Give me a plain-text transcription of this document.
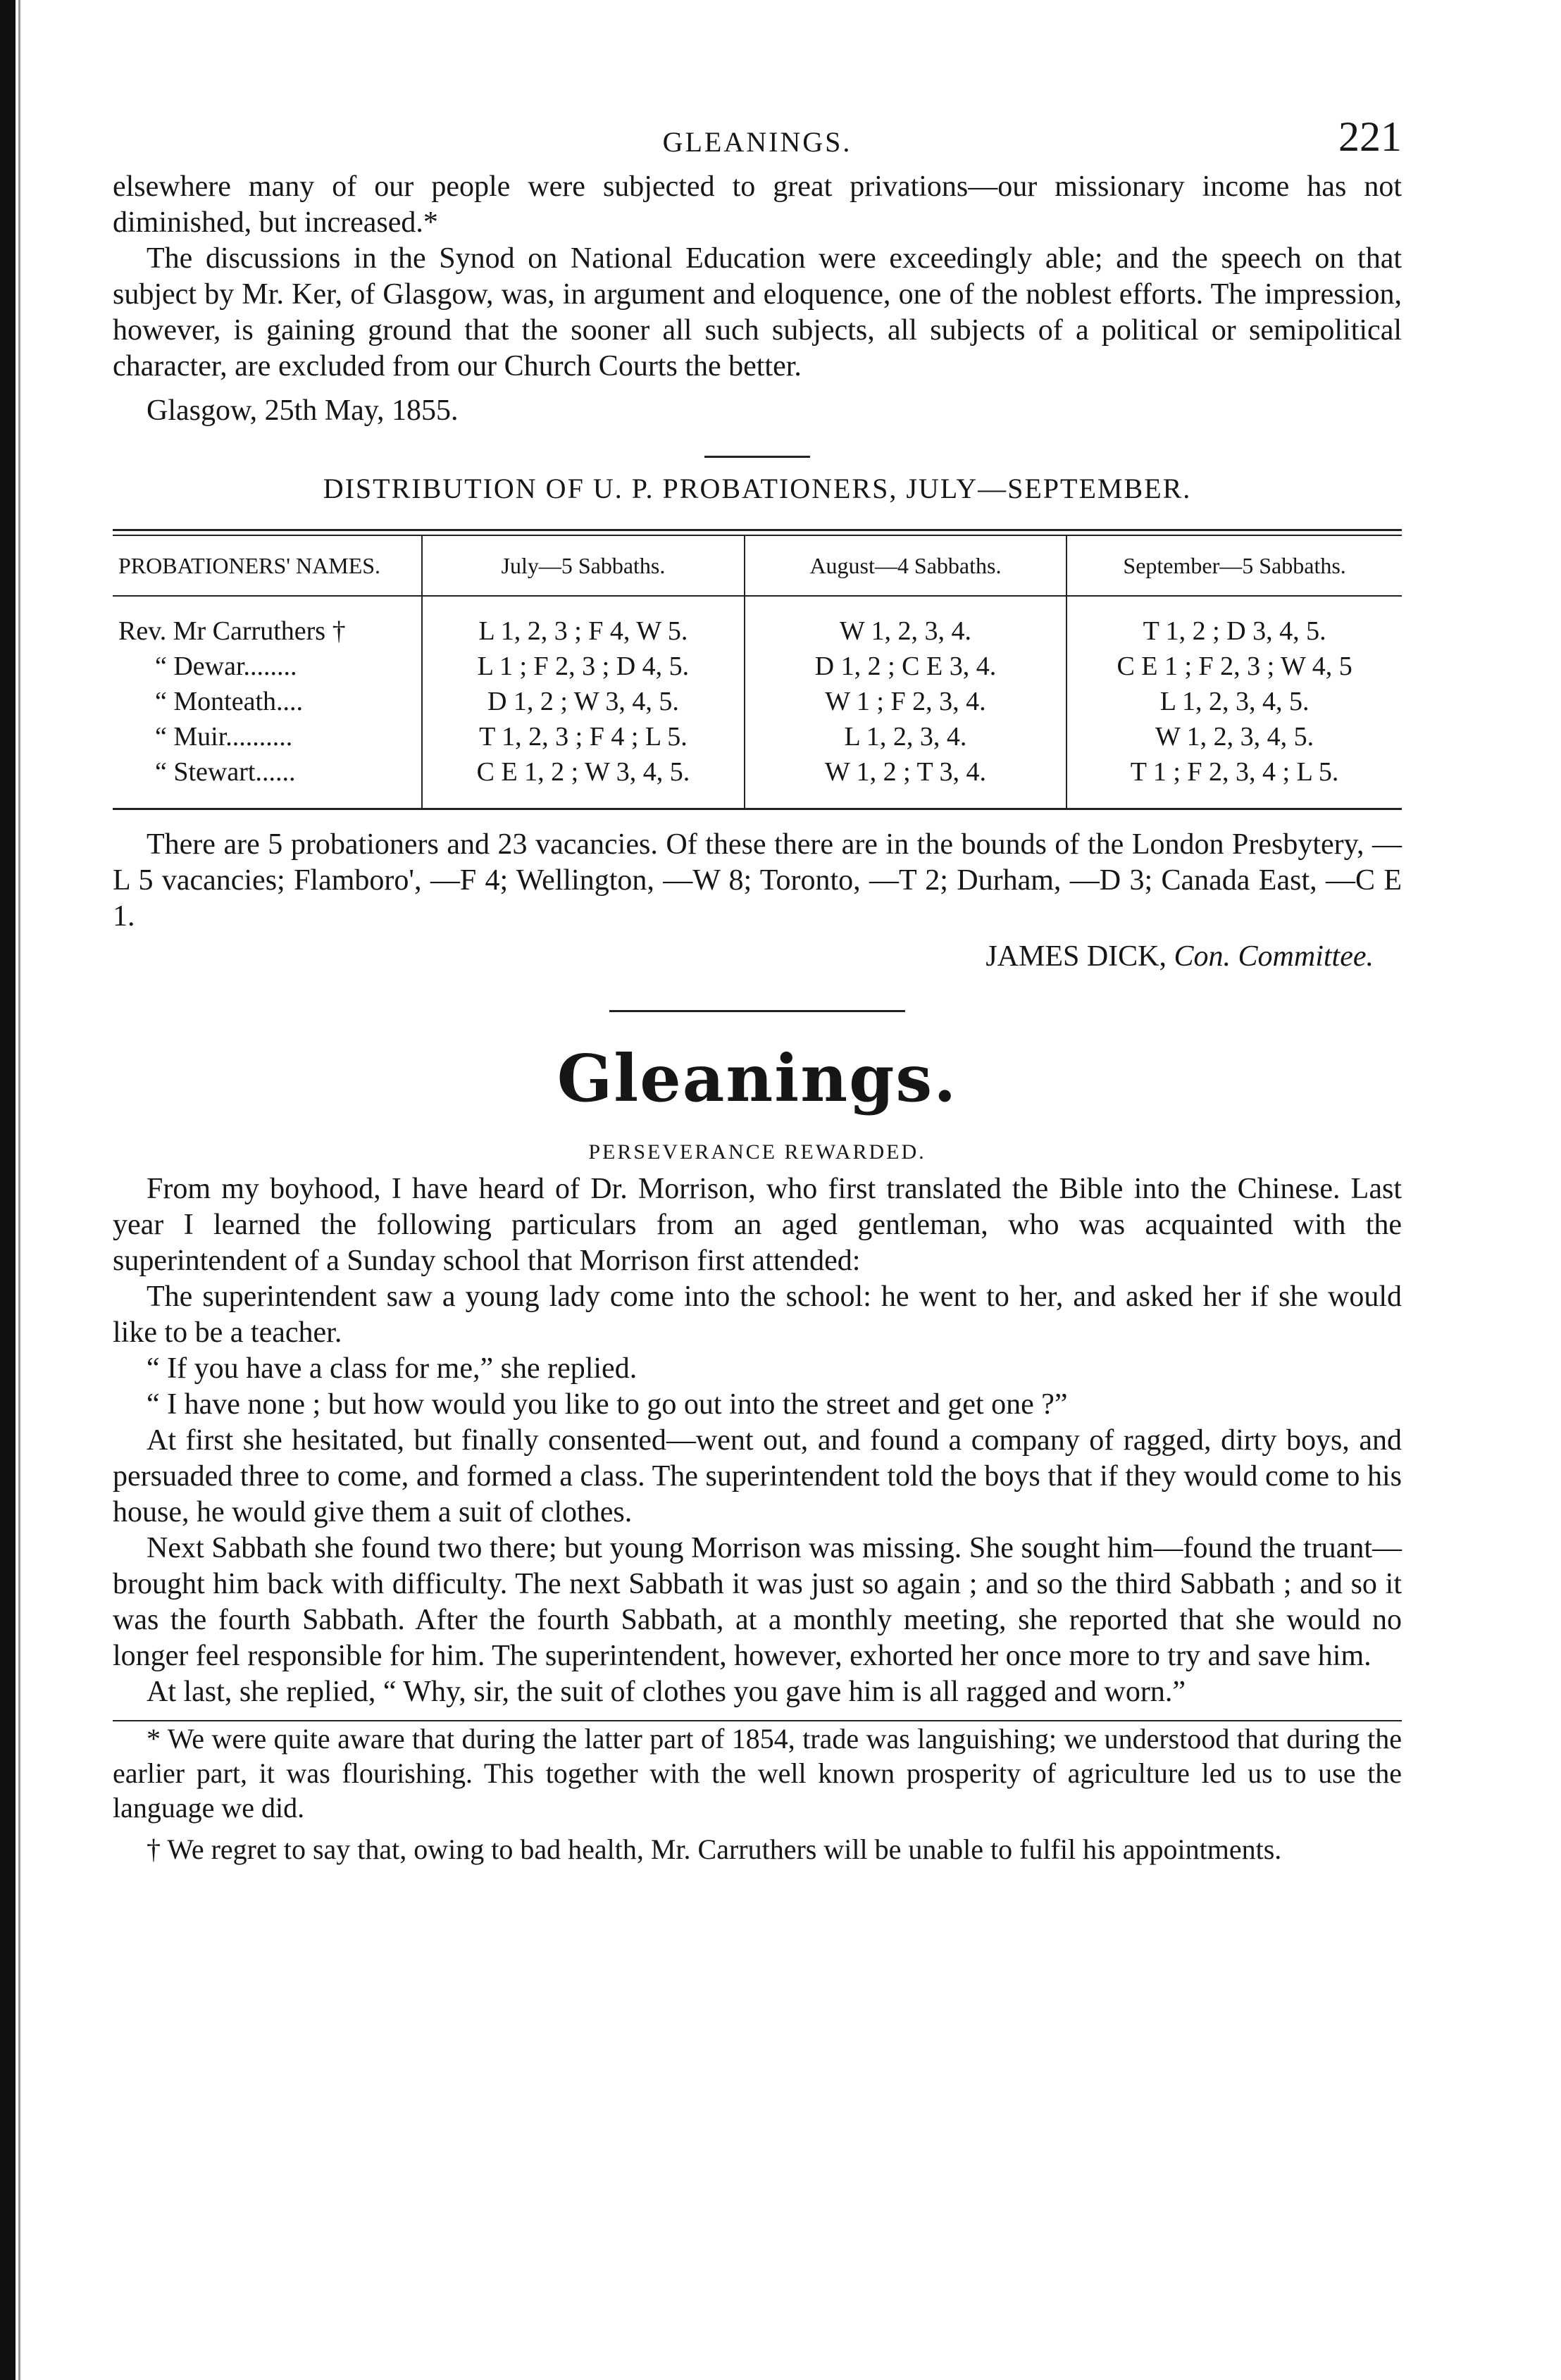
GLEANINGS.	221

elsewhere many of our people were subjected to great privations—our missionary income has not diminished, but increased.*

The discussions in the Synod on National Education were exceedingly able; and the speech on that subject by Mr. Ker, of Glasgow, was, in argument and eloquence, one of the noblest efforts. The impression, however, is gaining ground that the sooner all such subjects, all subjects of a political or semipolitical character, are excluded from our Church Courts the better.

Glasgow, 25th May, 1855.
DISTRIBUTION OF U. P. PROBATIONERS, JULY—SEPTEMBER.
PROBATIONERS' NAMES.	July—5 Sabbaths.	August—4 Sabbaths.	September—5 Sabbaths.
Rev. Mr Carruthers †	L 1, 2, 3 ; F 4, W 5.	W 1, 2, 3, 4.	T 1, 2 ; D 3, 4, 5.
“ Dewar........	L 1 ; F 2, 3 ; D 4, 5.	D 1, 2 ; C E 3, 4.	C E 1 ; F 2, 3 ; W 4, 5
“ Monteath....	D 1, 2 ; W 3, 4, 5.	W 1 ; F 2, 3, 4.	L 1, 2, 3, 4, 5.
“ Muir..........	T 1, 2, 3 ; F 4 ; L 5.	L 1, 2, 3, 4.	W 1, 2, 3, 4, 5.
“ Stewart......	C E 1, 2 ; W 3, 4, 5.	W 1, 2 ; T 3, 4.	T 1 ; F 2, 3, 4 ; L 5.

There are 5 probationers and 23 vacancies. Of these there are in the bounds of the London Presbytery, —L 5 vacancies; Flamboro', —F 4; Wellington, —W 8; Toronto, —T 2; Durham, —D 3; Canada East, —C E 1.

JAMES DICK, Con. Committee.
Gleanings.
PERSEVERANCE REWARDED.

From my boyhood, I have heard of Dr. Morrison, who first translated the Bible into the Chinese. Last year I learned the following particulars from an aged gentleman, who was acquainted with the superintendent of a Sunday school that Morrison first attended:

The superintendent saw a young lady come into the school: he went to her, and asked her if she would like to be a teacher.

“ If you have a class for me,” she replied.

“ I have none ; but how would you like to go out into the street and get one ?”

At first she hesitated, but finally consented—went out, and found a company of ragged, dirty boys, and persuaded three to come, and formed a class. The superintendent told the boys that if they would come to his house, he would give them a suit of clothes.

Next Sabbath she found two there; but young Morrison was missing. She sought him—found the truant—brought him back with difficulty. The next Sabbath it was just so again ; and so the third Sabbath ; and so it was the fourth Sabbath. After the fourth Sabbath, at a monthly meeting, she reported that she would no longer feel responsible for him. The superintendent, however, exhorted her once more to try and save him.

At last, she replied, “ Why, sir, the suit of clothes you gave him is all ragged and worn.”

* We were quite aware that during the latter part of 1854, trade was languishing; we understood that during the earlier part, it was flourishing. This together with the well known prosperity of agriculture led us to use the language we did.

† We regret to say that, owing to bad health, Mr. Carruthers will be unable to fulfil his appointments.
